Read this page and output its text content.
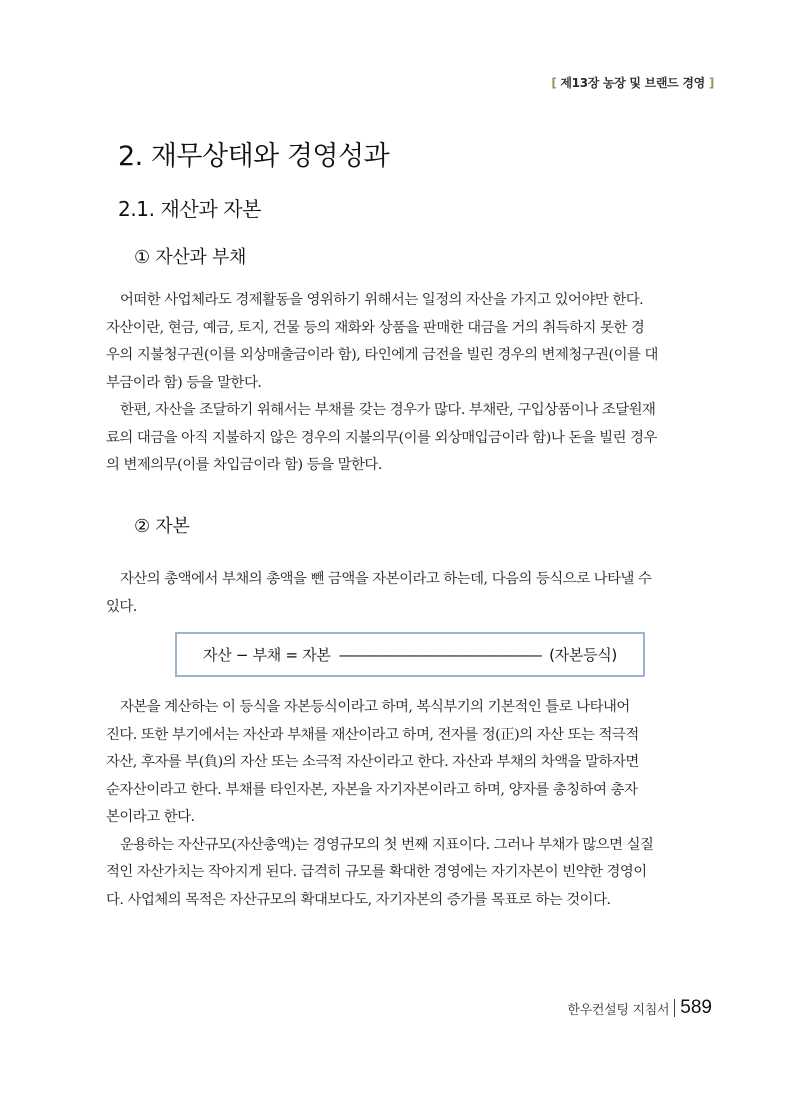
[ 제13장 농장 및 브랜드 경영 ]
2. 재무상태와 경영성과
2.1. 재산과 자본
① 자산과 부채
어떠한 사업체라도 경제활동을 영위하기 위해서는 일정의 자산을 가지고 있어야만 한다.
자산이란, 현금, 예금, 토지, 건물 등의 재화와 상품을 판매한 대금을 거의 취득하지 못한 경
우의 지불청구권(이를 외상매출금이라 함), 타인에게 금전을 빌린 경우의 변제청구권(이를 대
부금이라 함) 등을 말한다.
한편, 자산을 조달하기 위해서는 부채를 갖는 경우가 많다. 부채란, 구입상품이나 조달원재
료의 대금을 아직 지불하지 않은 경우의 지불의무(이를 외상매입금이라 함)나 돈을 빌린 경우
의 변제의무(이를 차입금이라 함) 등을 말한다.
② 자본
자산의 총액에서 부채의 총액을 뺀 금액을 자본이라고 하는데, 다음의 등식으로 나타낼 수
있다.
자산 − 부채 = 자본 ——————————————— (자본등식)
자본을 계산하는 이 등식을 자본등식이라고 하며, 복식부기의 기본적인 틀로 나타내어
진다. 또한 부기에서는 자산과 부채를 재산이라고 하며, 전자를 정(正)의 자산 또는 적극적
자산, 후자를 부(負)의 자산 또는 소극적 자산이라고 한다. 자산과 부채의 차액을 말하자면
순자산이라고 한다. 부채를 타인자본, 자본을 자기자본이라고 하며, 양자를 총칭하여 총자
본이라고 한다.
운용하는 자산규모(자산총액)는 경영규모의 첫 번째 지표이다. 그러나 부채가 많으면 실질
적인 자산가치는 작아지게 된다. 급격히 규모를 확대한 경영에는 자기자본이 빈약한 경영이
다. 사업체의 목적은 자산규모의 확대보다도, 자기자본의 증가를 목표로 하는 것이다.
한우컨설팅 지침서 589
